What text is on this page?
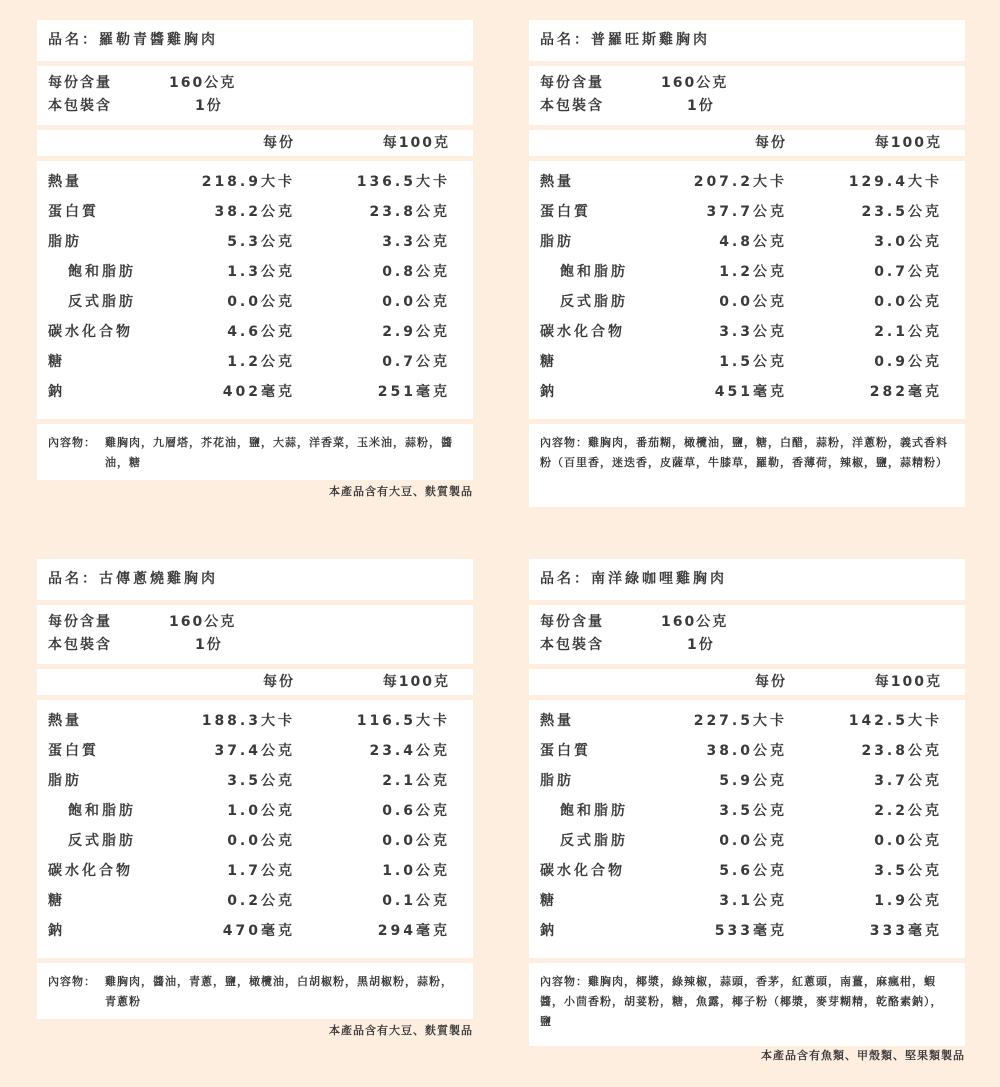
品名：羅勒青醬雞胸肉
每份含量	160公克
本包裝含	1份
每份	每100克
熱量	218.9大卡	136.5大卡
蛋白質	38.2公克	23.8公克
脂肪	5.3公克	3.3公克
飽和脂肪	1.3公克	0.8公克
反式脂肪	0.0公克	0.0公克
碳水化合物	4.6公克	2.9公克
糖	1.2公克	0.7公克
鈉	402毫克	251毫克
內容物： 雞胸肉，九層塔，芥花油，鹽，大蒜，洋香菜，玉米油，蒜粉，醬油，糖
本產品含有大豆、麩質製品
品名：普羅旺斯雞胸肉
每份含量	160公克
本包裝含	1份
每份	每100克
熱量	207.2大卡	129.4大卡
蛋白質	37.7公克	23.5公克
脂肪	4.8公克	3.0公克
飽和脂肪	1.2公克	0.7公克
反式脂肪	0.0公克	0.0公克
碳水化合物	3.3公克	2.1公克
糖	1.5公克	0.9公克
鈉	451毫克	282毫克
內容物：雞胸肉，番茄糊，橄欖油，鹽，糖，白醋，蒜粉，洋蔥粉，義式香料粉（百里香，迷迭香，皮薩草，牛膝草，羅勒，香薄荷，辣椒，鹽，蒜精粉）
品名：古傳蔥燒雞胸肉
每份含量	160公克
本包裝含	1份
每份	每100克
熱量	188.3大卡	116.5大卡
蛋白質	37.4公克	23.4公克
脂肪	3.5公克	2.1公克
飽和脂肪	1.0公克	0.6公克
反式脂肪	0.0公克	0.0公克
碳水化合物	1.7公克	1.0公克
糖	0.2公克	0.1公克
鈉	470毫克	294毫克
內容物： 雞胸肉，醬油，青蔥，鹽，橄欖油，白胡椒粉，黑胡椒粉，蒜粉，青蔥粉
本產品含有大豆、麩質製品
品名：南洋綠咖哩雞胸肉
每份含量	160公克
本包裝含	1份
每份	每100克
熱量	227.5大卡	142.5大卡
蛋白質	38.0公克	23.8公克
脂肪	5.9公克	3.7公克
飽和脂肪	3.5公克	2.2公克
反式脂肪	0.0公克	0.0公克
碳水化合物	5.6公克	3.5公克
糖	3.1公克	1.9公克
鈉	533毫克	333毫克
內容物：雞胸肉，椰漿，綠辣椒，蒜頭，香茅，紅蔥頭，南薑，麻瘋柑，蝦醬，小茴香粉，胡荽粉，糖，魚露，椰子粉（椰漿，麥芽糊精，乾酪素鈉），鹽
本產品含有魚類、甲殼類、堅果類製品
